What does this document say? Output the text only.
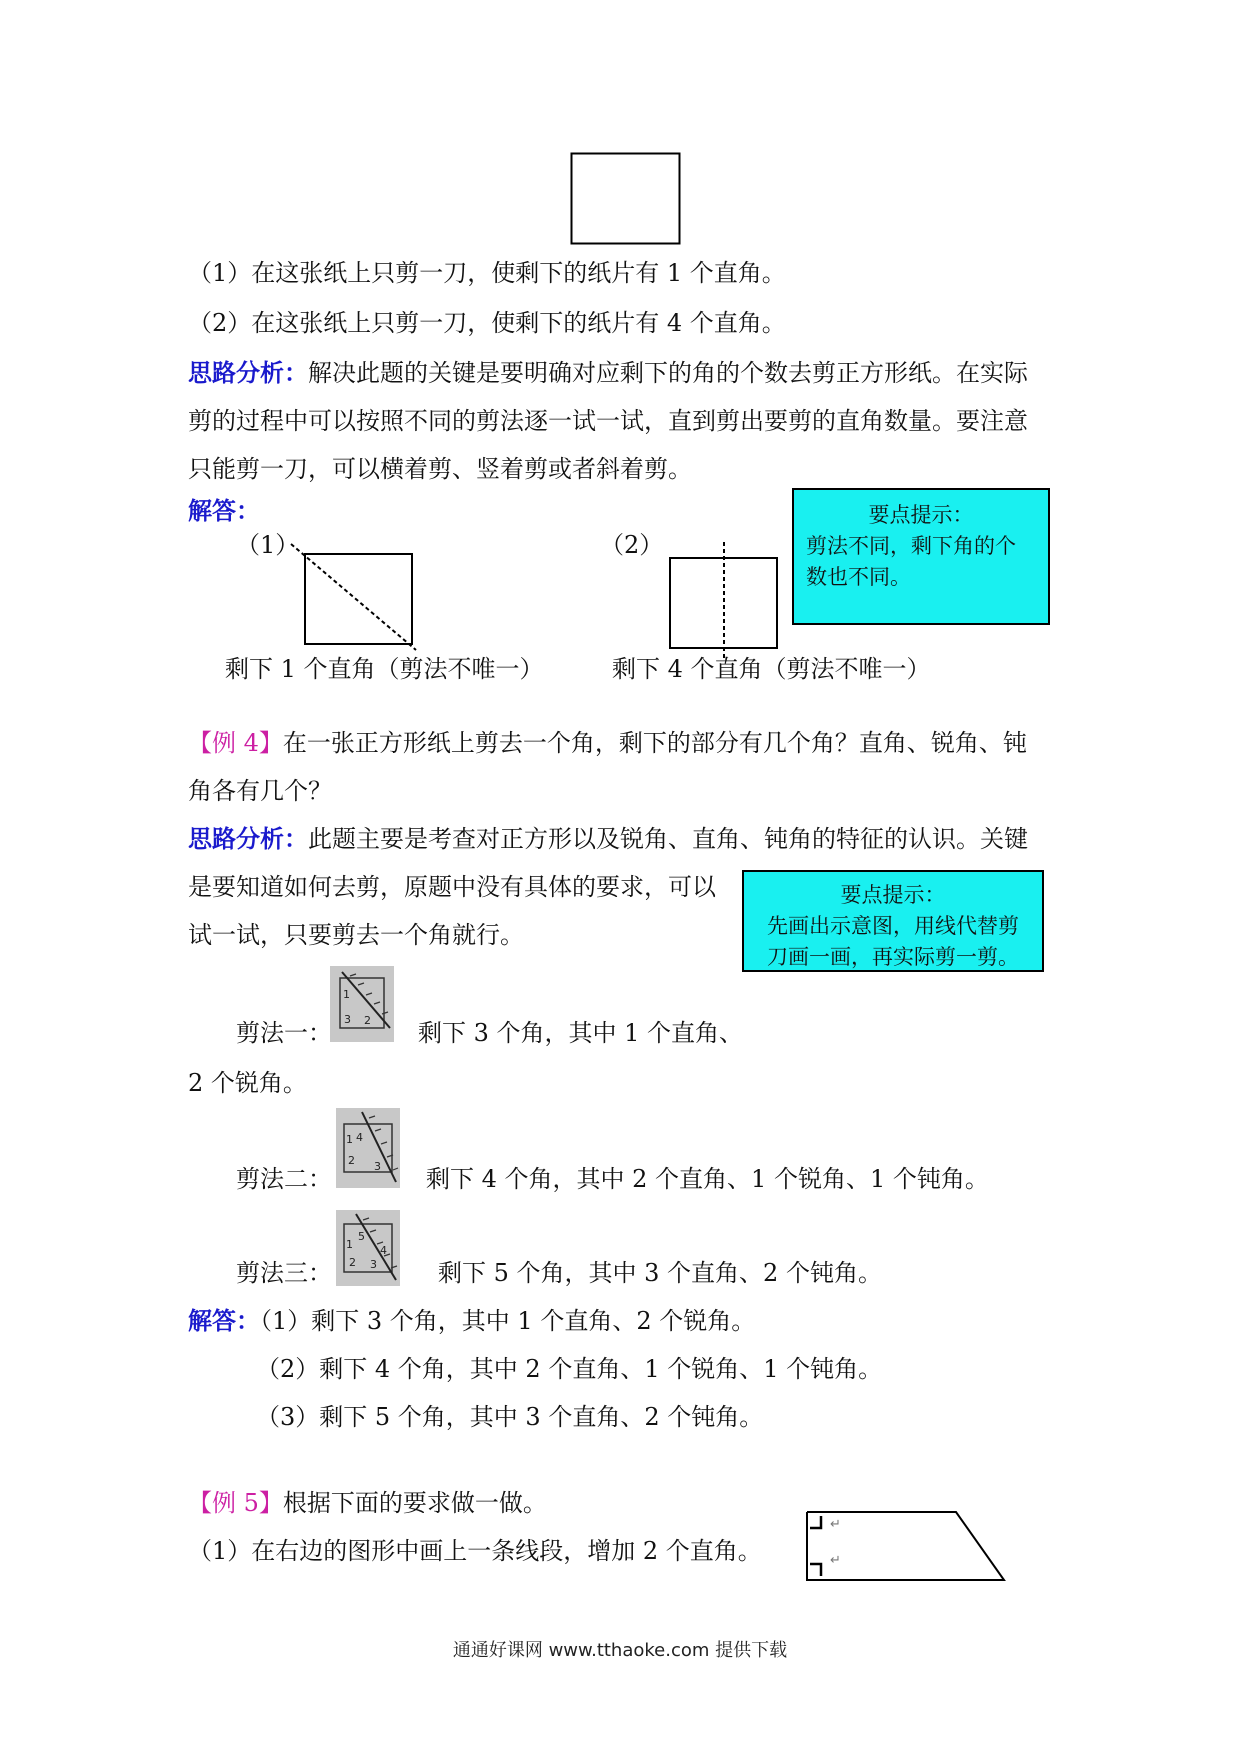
（1）在这张纸上只剪一刀，使剩下的纸片有 1 个直角。
（2）在这张纸上只剪一刀，使剩下的纸片有 4 个直角。
思路分析：解决此题的关键是要明确对应剩下的角的个数去剪正方形纸。在实际
剪的过程中可以按照不同的剪法逐一试一试，直到剪出要剪的直角数量。要注意
只能剪一刀，可以横着剪、竖着剪或者斜着剪。
解答：
（1）	（2）
要点提示：
剪法不同，剩下角的个
数也不同。
剩下 1 个直角（剪法不唯一）	剩下 4 个直角（剪法不唯一）
【例 4】在一张正方形纸上剪去一个角，剩下的部分有几个角？直角、锐角、钝
角各有几个？
思路分析：此题主要是考查对正方形以及锐角、直角、钝角的特征的认识。关键
是要知道如何去剪，原题中没有具体的要求，可以
试一试，只要剪去一个角就行。
要点提示：
先画出示意图，用线代替剪
刀画一画，再实际剪一剪。
1
3 2
剪法一：	剩下 3 个角，其中 1 个直角、
2 个锐角。
1 4
2 3
剪法二：	剩下 4 个角，其中 2 个直角、1 个锐角、1 个钝角。
1
5
2
4
3
剪法三：	剩下 5 个角，其中 3 个直角、2 个钝角。
解答：（1）剩下 3 个角，其中 1 个直角、2 个锐角。
（2）剩下 4 个角，其中 2 个直角、1 个锐角、1 个钝角。
（3）剩下 5 个角，其中 3 个直角、2 个钝角。
【例 5】根据下面的要求做一做。
（1）在右边的图形中画上一条线段，增加 2 个直角。
↵
↵
通通好课网 www.tthaoke.com 提供下载
